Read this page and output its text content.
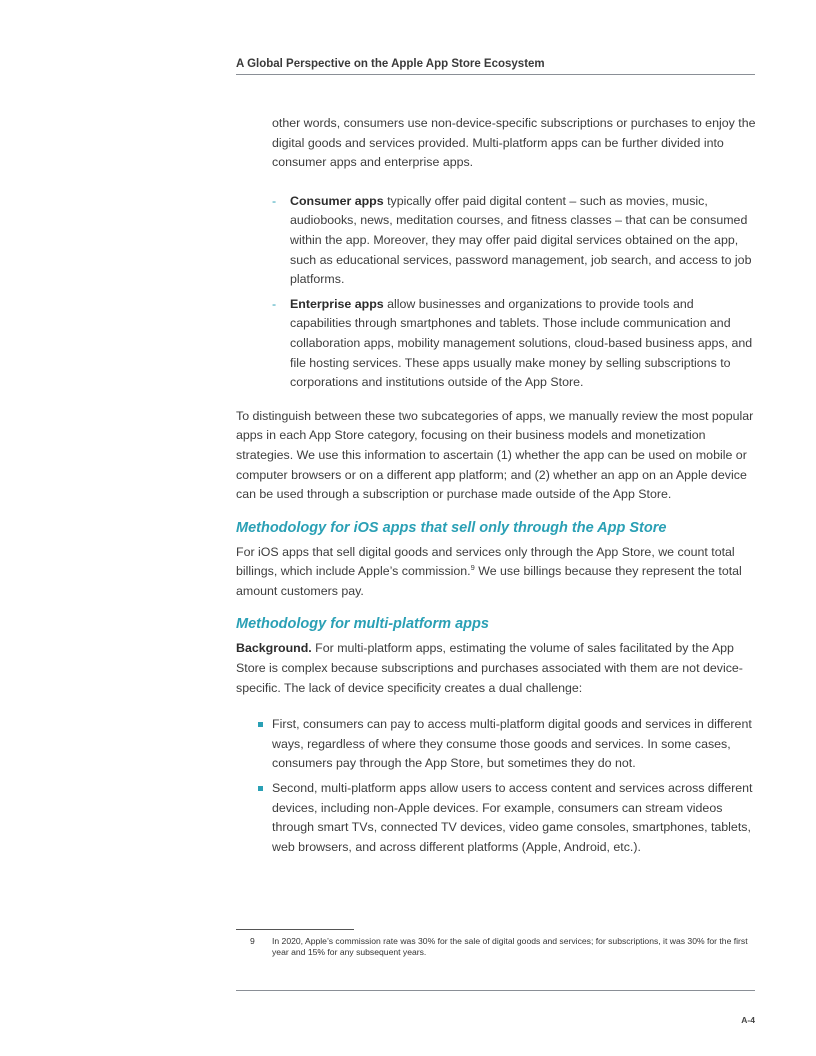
A Global Perspective on the Apple App Store Ecosystem

other words, consumers use non-device-specific subscriptions or purchases to enjoy the digital goods and services provided. Multi-platform apps can be further divided into consumer apps and enterprise apps.

- Consumer apps typically offer paid digital content – such as movies, music, audiobooks, news, meditation courses, and fitness classes – that can be consumed within the app. Moreover, they may offer paid digital services obtained on the app, such as educational services, password management, job search, and access to job platforms.
- Enterprise apps allow businesses and organizations to provide tools and capabilities through smartphones and tablets. Those include communication and collaboration apps, mobility management solutions, cloud-based business apps, and file hosting services. These apps usually make money by selling subscriptions to corporations and institutions outside of the App Store.

To distinguish between these two subcategories of apps, we manually review the most popular apps in each App Store category, focusing on their business models and monetization strategies. We use this information to ascertain (1) whether the app can be used on mobile or computer browsers or on a different app platform; and (2) whether an app on an Apple device can be used through a subscription or purchase made outside of the App Store.

Methodology for iOS apps that sell only through the App Store

For iOS apps that sell digital goods and services only through the App Store, we count total billings, which include Apple’s commission.$^9$ We use billings because they represent the total amount customers pay.

Methodology for multi-platform apps

Background. For multi-platform apps, estimating the volume of sales facilitated by the App Store is complex because subscriptions and purchases associated with them are not device-specific. The lack of device specificity creates a dual challenge:

First, consumers can pay to access multi-platform digital goods and services in different ways, regardless of where they consume those goods and services. In some cases, consumers pay through the App Store, but sometimes they do not.
Second, multi-platform apps allow users to access content and services across different devices, including non-Apple devices. For example, consumers can stream videos through smart TVs, connected TV devices, video game consoles, smartphones, tablets, web browsers, and across different platforms (Apple, Android, etc.).
9 In 2020, Apple’s commission rate was 30% for the sale of digital goods and services; for subscriptions, it was 30% for the first year and 15% for any subsequent years.
A-4
